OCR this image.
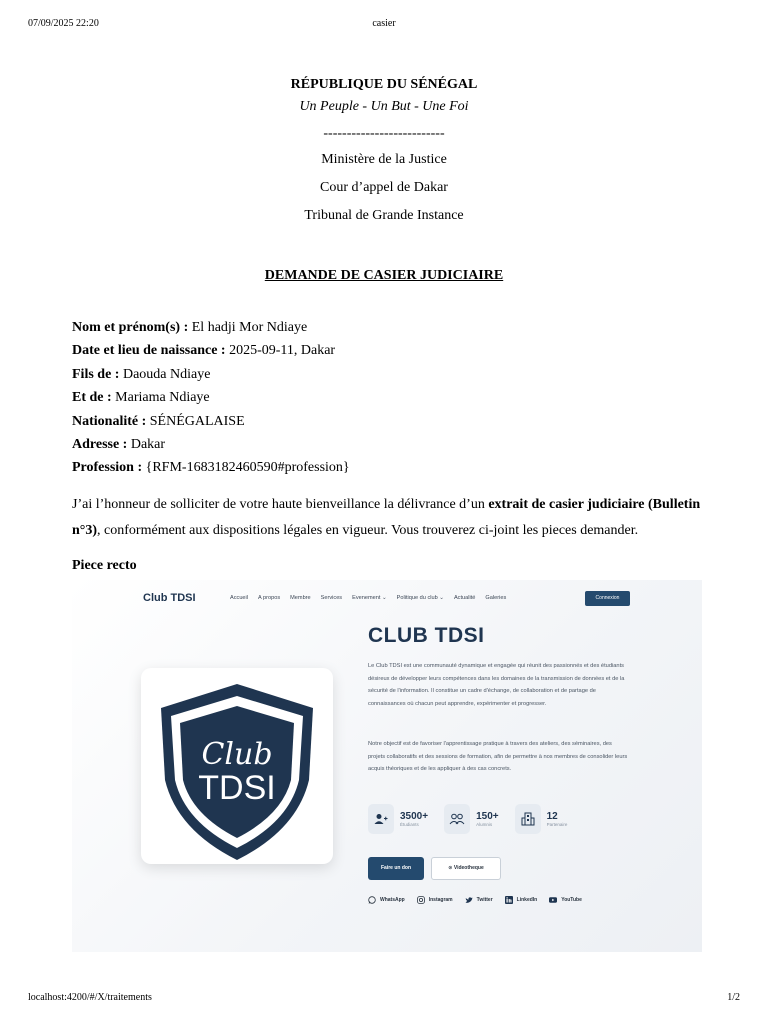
07/09/2025 22:20	casier
RÉPUBLIQUE DU SÉNÉGAL
Un Peuple - Un But - Une Foi
--------------------------
Ministère de la Justice
Cour d’appel de Dakar
Tribunal de Grande Instance
DEMANDE DE CASIER JUDICIAIRE
Nom et prénom(s) : El hadji Mor Ndiaye
Date et lieu de naissance : 2025-09-11, Dakar
Fils de : Daouda Ndiaye
Et de : Mariama Ndiaye
Nationalité : SÉNÉGALAISE
Adresse : Dakar
Profession : {RFM-1683182460590#profession}
J’ai l’honneur de solliciter de votre haute bienveillance la délivrance d’un extrait de casier judiciaire (Bulletin n°3), conformément aux dispositions légales en vigueur. Vous trouverez ci-joint les pieces demander.
Piece recto
Club TDSI	Accueil A propos Membre Services Evenement ⌄ Politique du club ⌄ Actualité Galeries	Connexion
Club
TDSI
CLUB TDSI
Le Club TDSI est une communauté dynamique et engagée qui réunit des passionnés et des étudiants désireux de développer leurs compétences dans les domaines de la transmission de données et de la sécurité de l'information. Il constitue un cadre d'échange, de collaboration et de partage de connaissances où chacun peut apprendre, expérimenter et progresser.
Notre objectif est de favoriser l'apprentissage pratique à travers des ateliers, des séminaires, des projets collaboratifs et des sessions de formation, afin de permettre à nos membres de consolider leurs acquis théoriques et de les appliquer à des cas concrets.
3500+
Étudiants
150+
Alumnis
12
Partenaire
Faire un don	⊙ Videotheque
WhatsApp	Instagram	Twitter	LinkedIn	YouTube
localhost:4200/#/X/traitements	1/2
